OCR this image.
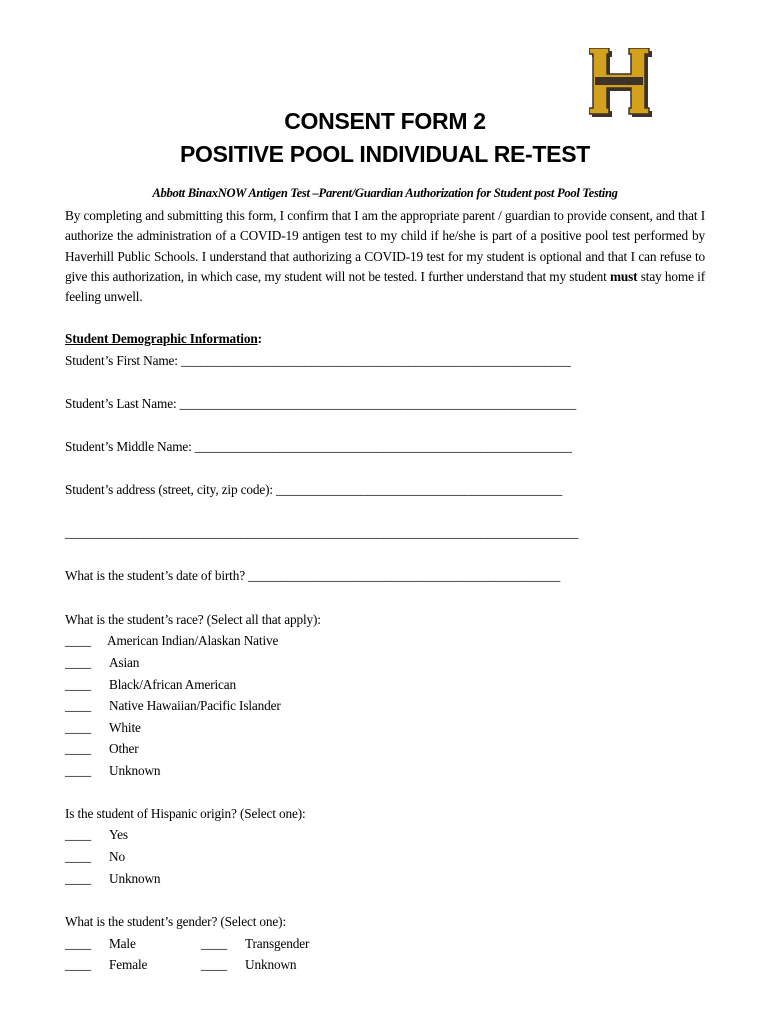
CONSENT FORM 2
POSITIVE POOL INDIVIDUAL RE-TEST
Abbott BinaxNOW Antigen Test –Parent/Guardian Authorization for Student post Pool Testing
By completing and submitting this form, I confirm that I am the appropriate parent / guardian to provide consent, and that I authorize the administration of a COVID-19 antigen test to my child if he/she is part of a positive pool test performed by Haverhill Public Schools. I understand that authorizing a COVID-19 test for my student is optional and that I can refuse to give this authorization, in which case, my student will not be tested. I further understand that my student must stay home if feeling unwell.
Student Demographic Information:
Student’s First Name: ____________________________________________________________
Student’s Last Name: _____________________________________________________________
Student’s Middle Name: __________________________________________________________
Student’s address (street, city, zip code): ____________________________________________
_______________________________________________________________________________
What is the student’s date of birth? ________________________________________________
What is the student’s race? (Select all that apply):
____ American Indian/Alaskan Native
____ Asian
____ Black/African American
____ Native Hawaiian/Pacific Islander
____ White
____ Other
____ Unknown
Is the student of Hispanic origin? (Select one):
____ Yes
____ No
____ Unknown
What is the student’s gender? (Select one):
____ Male
____ Female
____ Transgender
____ Unknown
